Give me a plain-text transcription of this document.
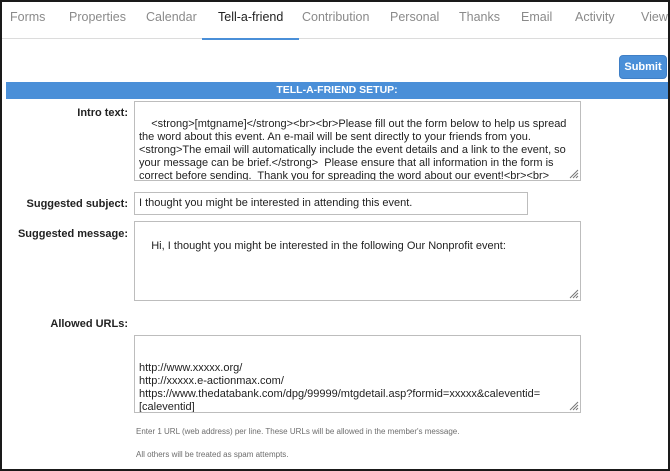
Forms Properties Calendar Tell-a-friend Contribution Personal Thanks Email Activity View
Submit
TELL-A-FRIEND SETUP:
Intro text:

<strong>[mtgname]</strong><br><br>Please fill out the form below to help us spread the word about this event. An e-mail will be sent directly to your friends from you.  <strong>The email will automatically include the event details and a link to the event, so your message can be brief.</strong>  Please ensure that all information in the form is correct before sending.  Thank you for spreading the word about our event!<br><br>

Suggested subject:	I thought you might be interested in attending this event.
Suggested message:

Hi, I thought you might be interested in the following Our Nonprofit event:

Allowed URLs:

http://www.xxxxx.org/
http://xxxxx.e-actionmax.com/
https://www.thedatabank.com/dpg/99999/mtgdetail.asp?formid=xxxxx&caleventid=[caleventid]

Enter 1 URL (web address) per line. These URLs will be allowed in the member's message.
All others will be treated as spam attempts.
